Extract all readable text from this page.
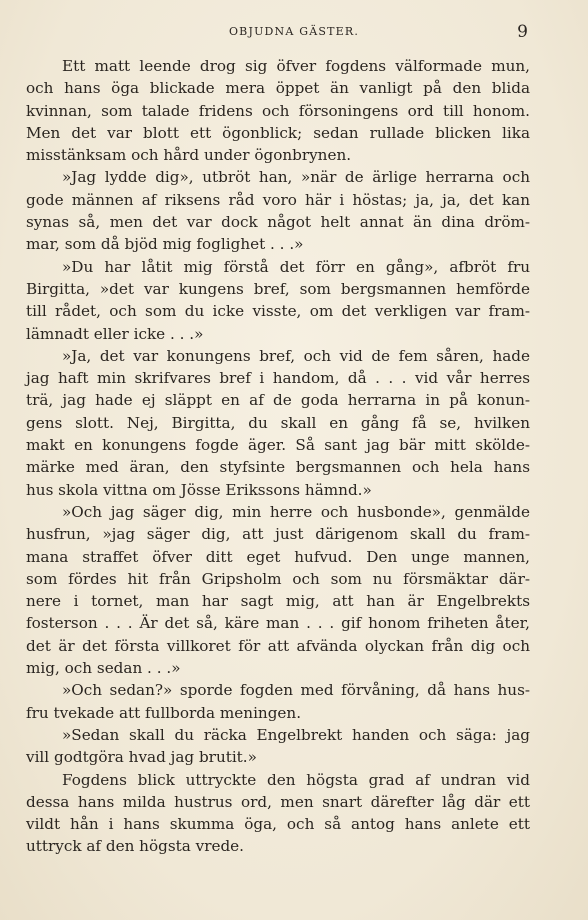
OBJUDNA GÄSTER.	9
Ett matt leende drog sig öfver fogdens välformade mun,
och hans öga blickade mera öppet än vanligt på den blida
kvinnan, som talade fridens och försoningens ord till honom.
Men det var blott ett ögonblick; sedan rullade blicken lika
misstänksam och hård under ögonbrynen.
»Jag lydde dig», utbröt han, »när de ärlige herrarna och
gode männen af riksens råd voro här i höstas; ja, ja, det kan
synas så, men det var dock något helt annat än dina dröm-
mar, som då bjöd mig foglighet . . .»
»Du har låtit mig förstå det förr en gång», afbröt fru
Birgitta, »det var kungens bref, som bergsmannen hemförde
till rådet, och som du icke visste, om det verkligen var fram-
lämnadt eller icke . . .»
»Ja, det var konungens bref, och vid de fem såren, hade
jag haft min skrifvares bref i handom, då . . . vid vår herres
trä, jag hade ej släppt en af de goda herrarna in på konun-
gens slott. Nej, Birgitta, du skall en gång få se, hvilken
makt en konungens fogde äger. Så sant jag bär mitt skölde-
märke med äran, den styfsinte bergsmannen och hela hans
hus skola vittna om Jösse Erikssons hämnd.»
»Och jag säger dig, min herre och husbonde», genmälde
husfrun, »jag säger dig, att just därigenom skall du fram-
mana straffet öfver ditt eget hufvud. Den unge mannen,
som fördes hit från Gripsholm och som nu försmäktar där-
nere i tornet, man har sagt mig, att han är Engelbrekts
fosterson . . . Är det så, käre man . . . gif honom friheten åter,
det är det första villkoret för att afvända olyckan från dig och
mig, och sedan . . .»
»Och sedan?» sporde fogden med förvåning, då hans hus-
fru tvekade att fullborda meningen.
»Sedan skall du räcka Engelbrekt handen och säga: jag
vill godtgöra hvad jag brutit.»
Fogdens blick uttryckte den högsta grad af undran vid
dessa hans milda hustrus ord, men snart därefter låg där ett
vildt hån i hans skumma öga, och så antog hans anlete ett
uttryck af den högsta vrede.
